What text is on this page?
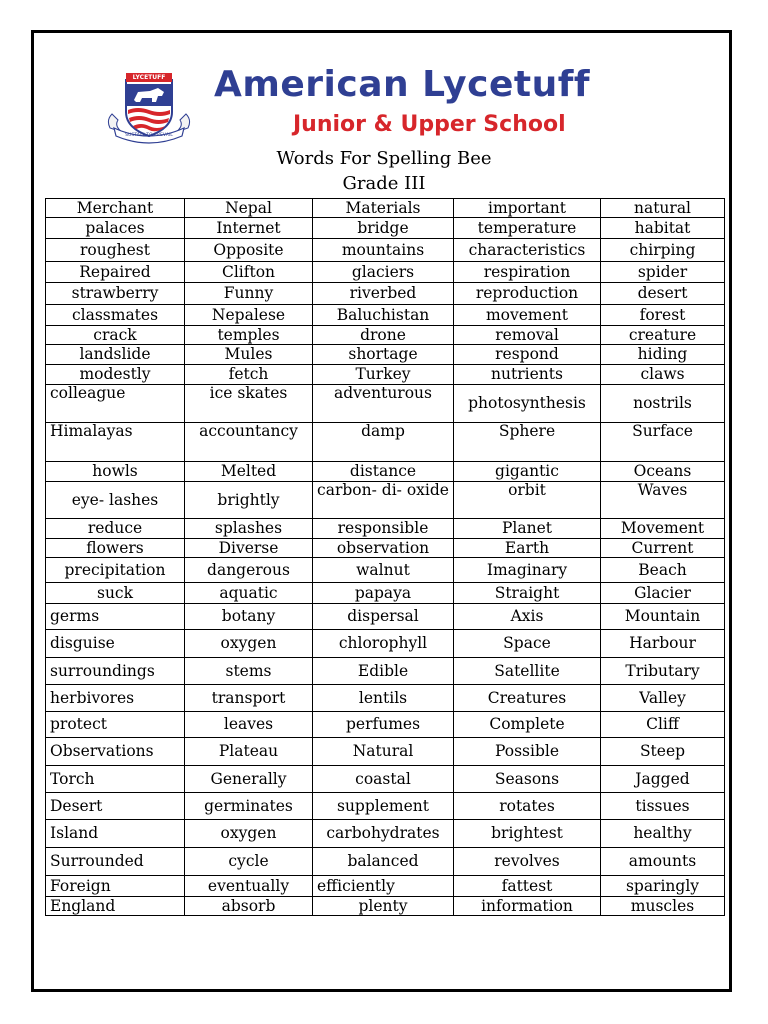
LYCETUFF
SUSTAIN TO PREVAIL
American Lycetuff
Junior & Upper School
Words For Spelling Bee
Grade III
Merchant	Nepal	Materials	important	natural
palaces	Internet	bridge	temperature	habitat
roughest	Opposite	mountains	characteristics	chirping
Repaired	Clifton	glaciers	respiration	spider
strawberry	Funny	riverbed	reproduction	desert
classmates	Nepalese	Baluchistan	movement	forest
crack	temples	drone	removal	creature
landslide	Mules	shortage	respond	hiding
modestly	fetch	Turkey	nutrients	claws
colleague	ice skates	adventurous	photosynthesis	nostrils
Himalayas	accountancy	damp	Sphere	Surface
howls	Melted	distance	gigantic	Oceans
eye- lashes	brightly	carbon- di- oxide	orbit	Waves
reduce	splashes	responsible	Planet	Movement
flowers	Diverse	observation	Earth	Current
precipitation	dangerous	walnut	Imaginary	Beach
suck	aquatic	papaya	Straight	Glacier
germs	botany	dispersal	Axis	Mountain
disguise	oxygen	chlorophyll	Space	Harbour
surroundings	stems	Edible	Satellite	Tributary
herbivores	transport	lentils	Creatures	Valley
protect	leaves	perfumes	Complete	Cliff
Observations	Plateau	Natural	Possible	Steep
Torch	Generally	coastal	Seasons	Jagged
Desert	germinates	supplement	rotates	tissues
Island	oxygen	carbohydrates	brightest	healthy
Surrounded	cycle	balanced	revolves	amounts
Foreign	eventually	efficiently	fattest	sparingly
England	absorb	plenty	information	muscles
